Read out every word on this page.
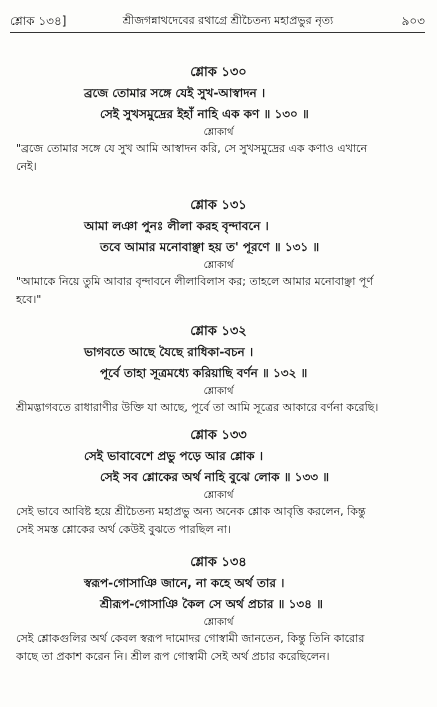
শ্লোক ১৩৪]	শ্রীজগন্নাথদেবের রথাগ্রে শ্রীচৈতন্য মহাপ্রভুর নৃত্য	৯০৩
শ্লোক ১৩০
ব্রজে তোমার সঙ্গে যেই সুখ-আস্বাদন ।
সেই সুখসমুদ্রের ইহাঁ নাহি এক কণ ॥ ১৩০ ॥
শ্লোকার্থ
"ব্রজে তোমার সঙ্গে যে সুখ আমি আস্বাদন করি, সে সুখসমুদ্রের এক কণাও এখানে
নেই।
শ্লোক ১৩১
আমা লঞা পুনঃ লীলা করহ বৃন্দাবনে ।
তবে আমার মনোবাঞ্ছা হয় ত' পূরণে ॥ ১৩১ ॥
শ্লোকার্থ
"আমাকে নিয়ে তুমি আবার বৃন্দাবনে লীলাবিলাস কর; তাহলে আমার মনোবাঞ্ছা পূর্ণ
হবে।"
শ্লোক ১৩২
ভাগবতে আছে যৈছে রাধিকা-বচন ।
পূর্বে তাহা সূত্রমধ্যে করিয়াছি বর্ণন ॥ ১৩২ ॥
শ্লোকার্থ
শ্রীমদ্ভাগবতে রাধারাণীর উক্তি যা আছে, পূর্বে তা আমি সূত্রের আকারে বর্ণনা করেছি।
শ্লোক ১৩৩
সেই ভাবাবেশে প্রভু পড়ে আর শ্লোক ।
সেই সব শ্লোকের অর্থ নাহি বুঝে লোক ॥ ১৩৩ ॥
শ্লোকার্থ
সেই ভাবে আবিষ্ট হয়ে শ্রীচৈতন্য মহাপ্রভু অন্য অনেক শ্লোক আবৃত্তি করলেন, কিন্তু
সেই সমস্ত শ্লোকের অর্থ কেউই বুঝতে পারছিল না।
শ্লোক ১৩৪
স্বরূপ-গোসাঞি জানে, না কহে অর্থ তার ।
শ্রীরূপ-গোসাঞি কৈল সে অর্থ প্রচার ॥ ১৩৪ ॥
শ্লোকার্থ
সেই শ্লোকগুলির অর্থ কেবল স্বরূপ দামোদর গোস্বামী জানতেন, কিন্তু তিনি কারোর
কাছে তা প্রকাশ করেন নি। শ্রীল রূপ গোস্বামী সেই অর্থ প্রচার করেছিলেন।
